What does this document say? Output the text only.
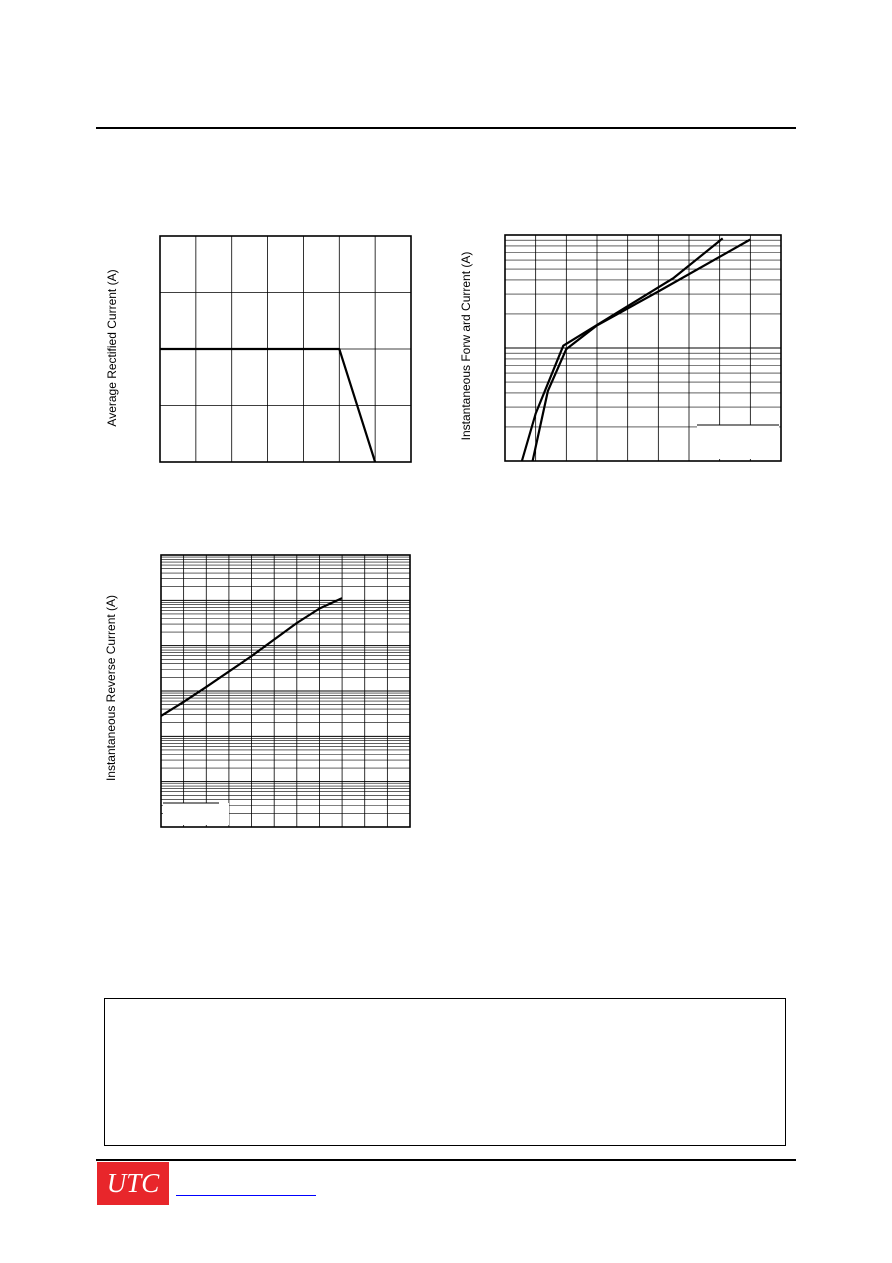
Average Rectified Current (A)	Instantaneous Forw ard Current (A)
Instantaneous Reverse Current (A)
UTC
